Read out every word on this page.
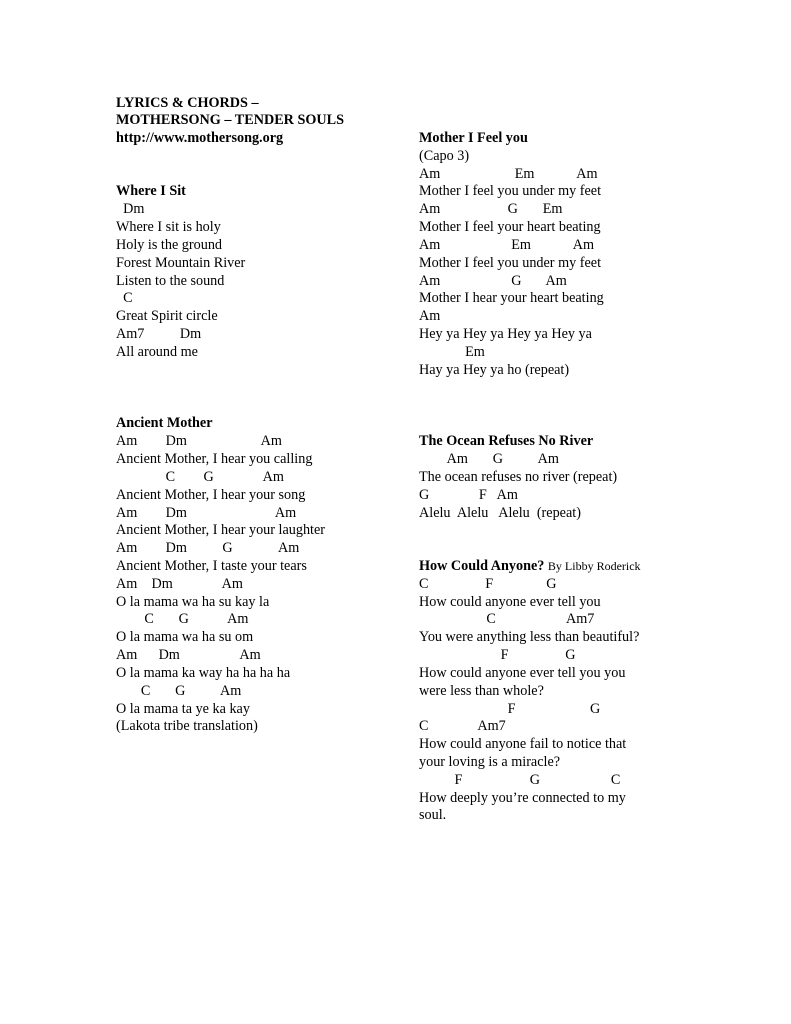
LYRICS & CHORDS –
MOTHERSONG – TENDER SOULS
http://www.mothersong.org
Where I Sit
Dm
Where I sit is holy
Holy is the ground
Forest Mountain River
Listen to the sound
C
Great Spirit circle
Am7          Dm
All around me
Ancient Mother
Am        Dm                     Am
Ancient Mother, I hear you calling
C        G              Am
Ancient Mother, I hear your song
Am        Dm                         Am
Ancient Mother, I hear your laughter
Am        Dm          G             Am
Ancient Mother, I taste your tears
Am    Dm              Am
O la mama wa ha su kay la
C       G           Am
O la mama wa ha su om
Am      Dm                 Am
O la mama ka way ha ha ha ha
C       G          Am
O la mama ta ye ka kay
(Lakota tribe translation)
Mother I Feel you
(Capo 3)
Am                     Em            Am
Mother I feel you under my feet
Am                   G       Em
Mother I feel your heart beating
Am                    Em            Am
Mother I feel you under my feet
Am                    G       Am
Mother I hear your heart beating
Am
Hey ya Hey ya Hey ya Hey ya
Em
Hay ya Hey ya ho (repeat)
The Ocean Refuses No River
Am       G          Am
The ocean refuses no river (repeat)
G              F   Am
Alelu  Alelu   Alelu  (repeat)
How Could Anyone? By Libby Roderick
C                F               G
How could anyone ever tell you
C                    Am7
You were anything less than beautiful?
F                G
How could anyone ever tell you you
were less than whole?
F                     G
C              Am7
How could anyone fail to notice that
your loving is a miracle?
F                   G                    C
How deeply you’re connected to my
soul.
